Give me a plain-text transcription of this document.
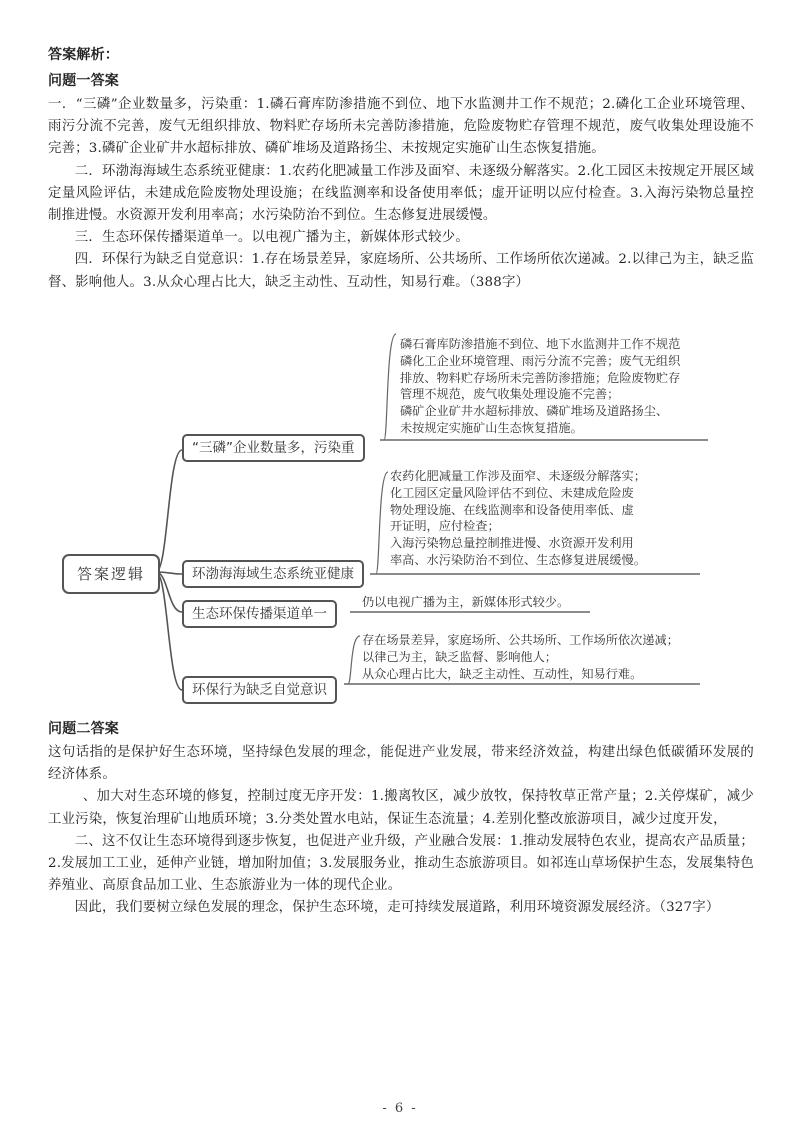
答案解析：
问题一答案
一．“三磷”企业数量多，污染重：1.磷石膏库防渗措施不到位、地下水监测井工作不规范；2.磷化工企业环境管理、雨污分流不完善，废气无组织排放、物料贮存场所未完善防渗措施，危险废物贮存管理不规范，废气收集处理设施不完善；3.磷矿企业矿井水超标排放、磷矿堆场及道路扬尘、未按规定实施矿山生态恢复措施。
二．环渤海海域生态系统亚健康：1.农药化肥减量工作涉及面窄、未逐级分解落实。2.化工园区未按规定开展区域定量风险评估，未建成危险废物处理设施；在线监测率和设备使用率低；虚开证明以应付检查。3.入海污染物总量控制推进慢。水资源开发利用率高；水污染防治不到位。生态修复进展缓慢。
三．生态环保传播渠道单一。以电视广播为主，新媒体形式较少。
四．环保行为缺乏自觉意识：1.存在场景差异，家庭场所、公共场所、工作场所依次递减。2.以律己为主，缺乏监督、影响他人。3.从众心理占比大，缺乏主动性、互动性，知易行难。（388字）
答案逻辑
“三磷”企业数量多，污染重
环渤海海域生态系统亚健康
生态环保传播渠道单一
环保行为缺乏自觉意识
磷石膏库防渗措施不到位、地下水监测井工作不规范
磷化工企业环境管理、雨污分流不完善；废气无组织
排放、物料贮存场所未完善防渗措施；危险废物贮存
管理不规范，废气收集处理设施不完善；
磷矿企业矿井水超标排放、磷矿堆场及道路扬尘、
未按规定实施矿山生态恢复措施。
农药化肥减量工作涉及面窄、未逐级分解落实；
化工园区定量风险评估不到位、未建成危险废
物处理设施、在线监测率和设备使用率低、虚
开证明，应付检查；
入海污染物总量控制推进慢、水资源开发利用
率高、水污染防治不到位、生态修复进展缓慢。
仍以电视广播为主，新媒体形式较少。
存在场景差异，家庭场所、公共场所、工作场所依次递减；
以律己为主，缺乏监督、影响他人；
从众心理占比大，缺乏主动性、互动性，知易行难。
问题二答案
这句话指的是保护好生态环境，坚持绿色发展的理念，能促进产业发展，带来经济效益，构建出绿色低碳循环发展的经济体系。
、加大对生态环境的修复，控制过度无序开发：1.搬离牧区，减少放牧，保持牧草正常产量；2.关停煤矿，减少工业污染，恢复治理矿山地质环境；3.分类处置水电站，保证生态流量；4.差别化整改旅游项目，减少过度开发，
二、这不仅让生态环境得到逐步恢复，也促进产业升级，产业融合发展：1.推动发展特色农业，提高农产品质量；2.发展加工工业，延伸产业链，增加附加值；3.发展服务业，推动生态旅游项目。如祁连山草场保护生态，发展集特色养殖业、高原食品加工业、生态旅游业为一体的现代企业。
因此，我们要树立绿色发展的理念，保护生态环境，走可持续发展道路，利用环境资源发展经济。（327字）
- 6 -
